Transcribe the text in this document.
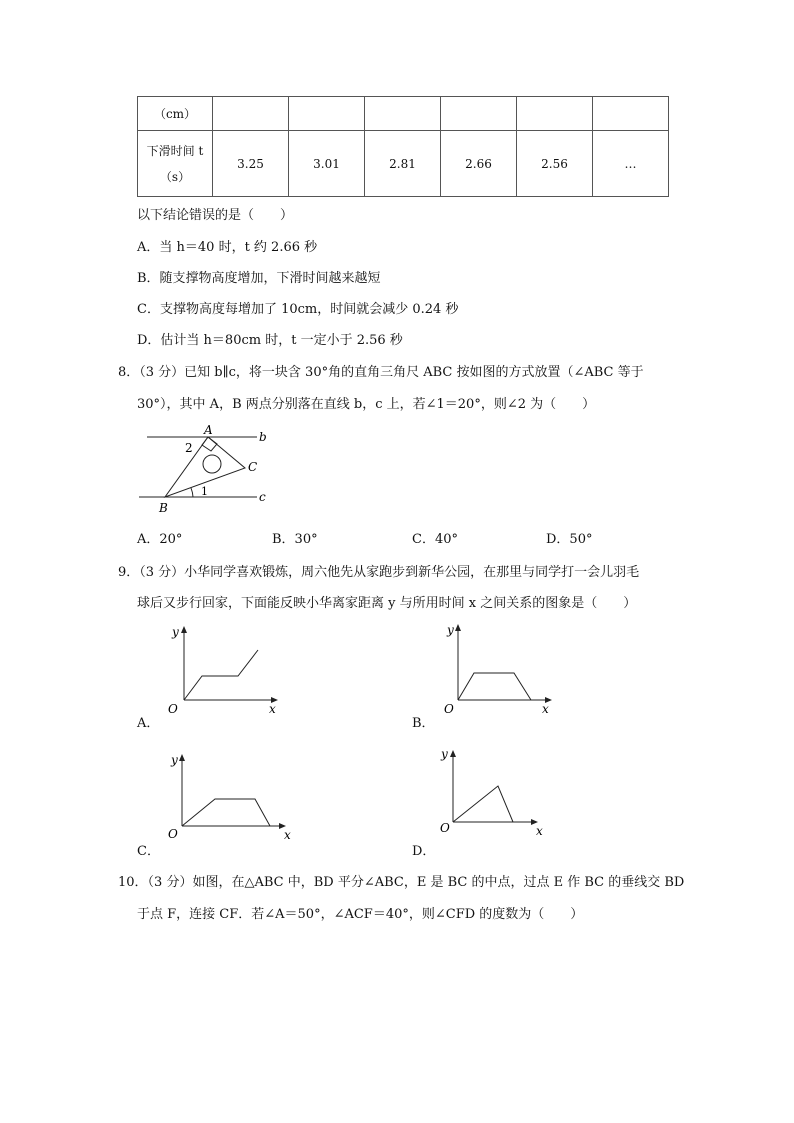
（cm）						

下滑时间 t
（s）	3.25	3.01	2.81	2.66	2.56	…
以下结论错误的是（　　）
A．当 h＝40 时，t 约 2.66 秒
B．随支撑物高度增加，下滑时间越来越短
C．支撑物高度每增加了 10cm，时间就会减少 0.24 秒
D．估计当 h＝80cm 时，t 一定小于 2.56 秒
8．（3 分）已知 b∥c，将一块含 30°角的直角三角尺 ABC 按如图的方式放置（∠ABC 等于
30°），其中 A，B 两点分别落在直线 b，c 上，若∠1＝20°，则∠2 为（　　）
A	b
2
C
1	c
B
A．20°	B．30°	C．40°	D．50°
9．（3 分）小华同学喜欢锻炼，周六他先从家跑步到新华公园，在那里与同学打一会儿羽毛
球后又步行回家，下面能反映小华离家距离 y 与所用时间 x 之间关系的图象是（　　）
y
O	x
A．
y
O	x
B．
y
O	x
C．
y
O	x
D．
10．（3 分）如图，在△ABC 中，BD 平分∠ABC，E 是 BC 的中点，过点 E 作 BC 的垂线交 BD
于点 F，连接 CF．若∠A＝50°，∠ACF＝40°，则∠CFD 的度数为（　　）
